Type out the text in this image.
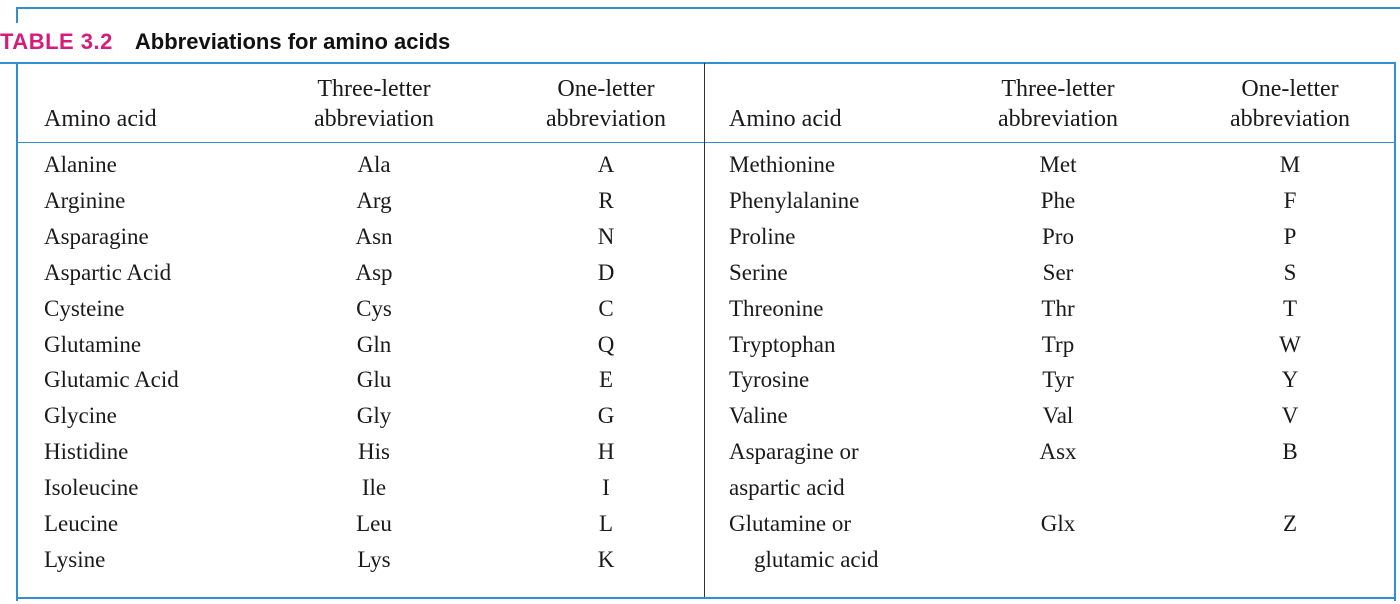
TABLE 3.2 Abbreviations for amino acids
Amino acid
Three-letter
abbreviation
One-letter
abbreviation	Amino acid
Three-letter
abbreviation
One-letter
abbreviation
Alanine	Ala	A
Arginine	Arg	R
Asparagine	Asn	N
Aspartic Acid	Asp	D
Cysteine	Cys	C
Glutamine	Gln	Q
Glutamic Acid	Glu	E
Glycine	Gly	G
Histidine	His	H
Isoleucine	Ile	I
Leucine	Leu	L
Lysine	Lys	K
Methionine	Met	M
Phenylalanine	Phe	F
Proline	Pro	P
Serine	Ser	S
Threonine	Thr	T
Tryptophan	Trp	W
Tyrosine	Tyr	Y
Valine	Val	V
Asparagine or	Asx	B
aspartic acid
Glutamine or	Glx	Z
glutamic acid
